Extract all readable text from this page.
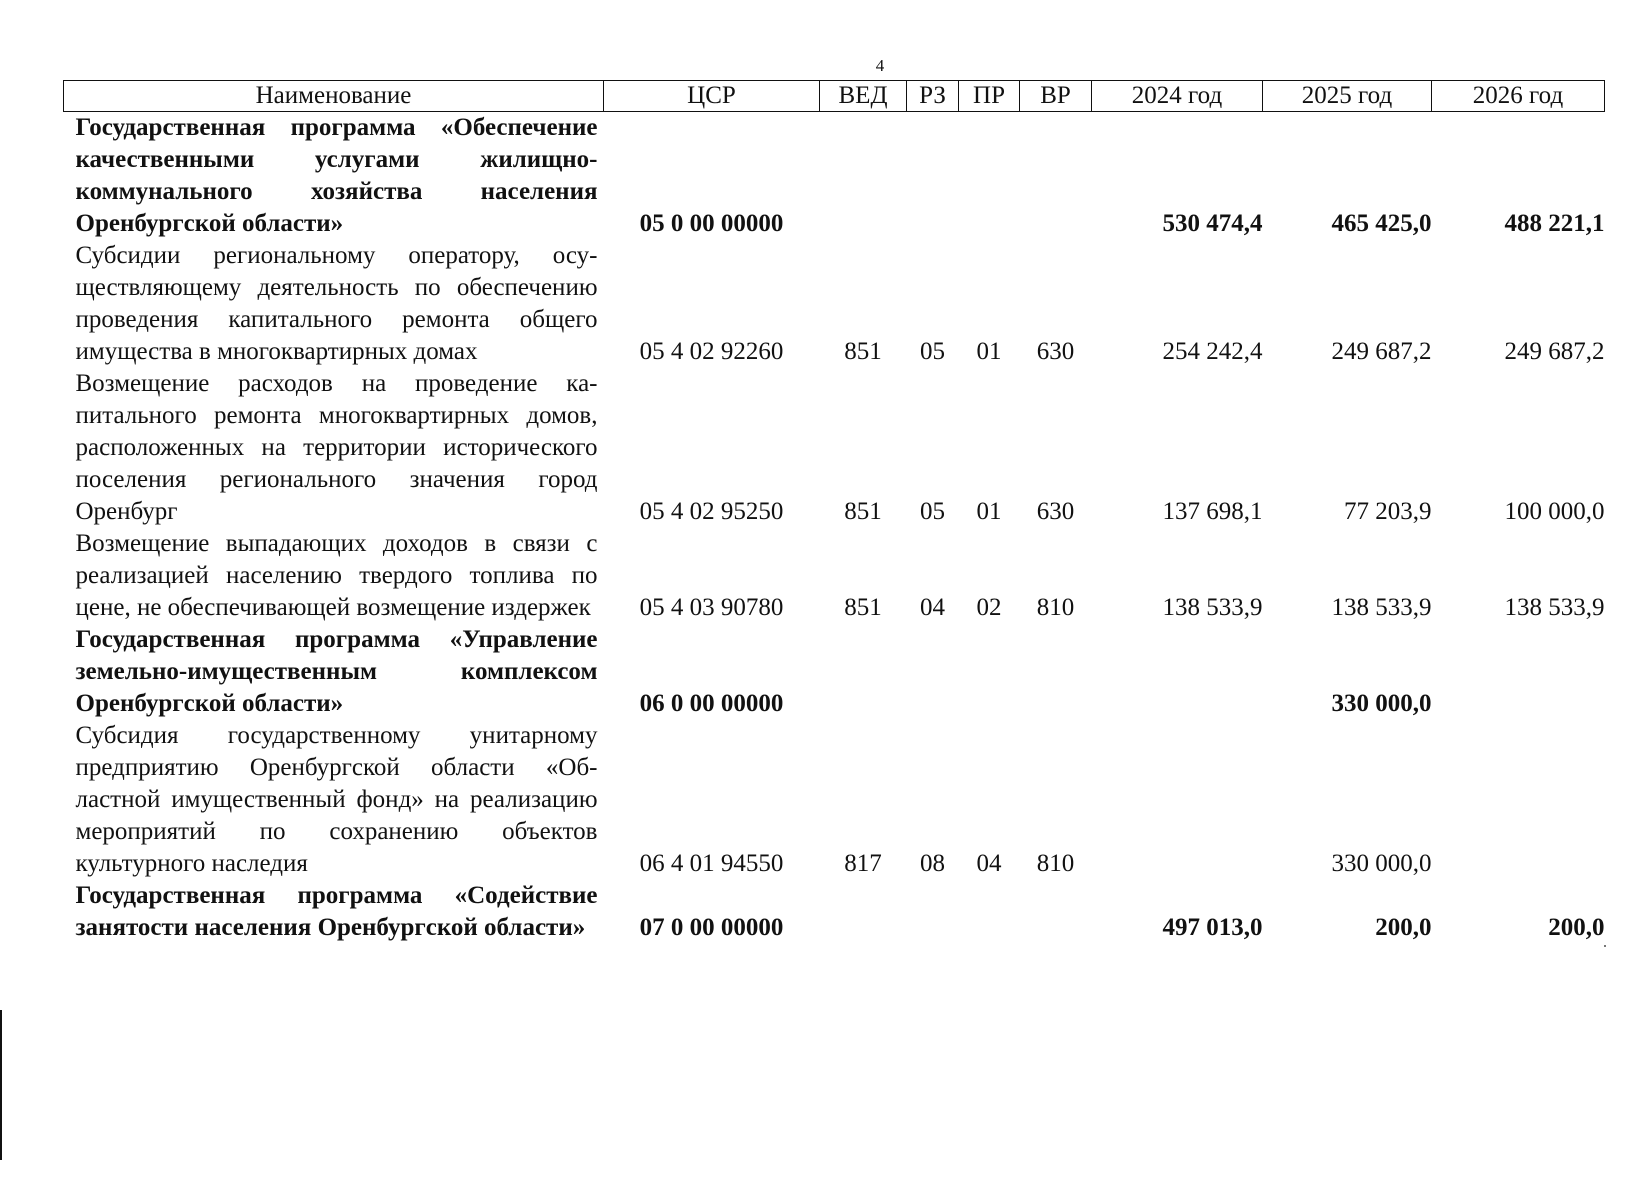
4
Наименование	ЦСР	ВЕД	РЗ	ПР	ВР	2024 год	2025 год	2026 год
Государственная программа «Обеспечение качественными услугами жилищно-коммунального хозяйства населения Оренбургской области»	05 0 00 00000					530 474,4	465 425,0	488 221,1
Субсидии региональному оператору, осуществляющему деятельность по обеспечению проведения капитального ремонта общего имущества в многоквартирных домах	05 4 02 92260	851	05	01	630	254 242,4	249 687,2	249 687,2
Возмещение расходов на проведение капитального ремонта многоквартирных домов, расположенных на территории исторического поселения регионального значения город Оренбург	05 4 02 95250	851	05	01	630	137 698,1	77 203,9	100 000,0
Возмещение выпадающих доходов в связи с реализацией населению твердого топлива по цене, не обеспечивающей возмещение издержек	05 4 03 90780	851	04	02	810	138 533,9	138 533,9	138 533,9
Государственная программа «Управление земельно-имущественным комплексом Оренбургской области»	06 0 00 00000						330 000,0	
Субсидия государственному унитарному предприятию Оренбургской области «Областной имущественный фонд» на реализацию мероприятий по сохранению объектов культурного наследия	06 4 01 94550	817	08	04	810		330 000,0	
Государственная программа «Содействие занятости населения Оренбургской области»	07 0 00 00000					497 013,0	200,0	200,0
